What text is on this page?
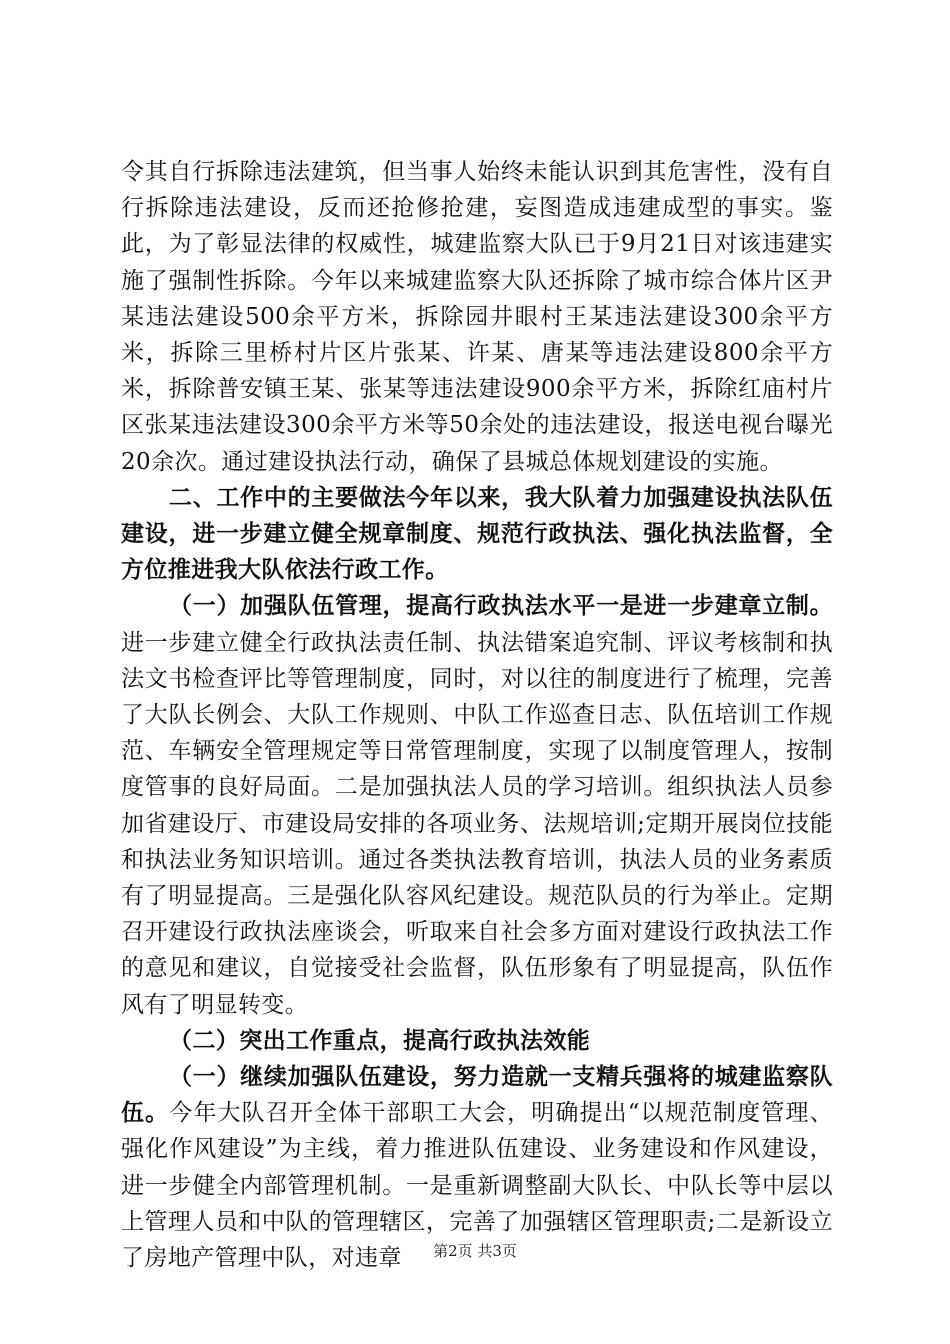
令其自行拆除违法建筑，但当事人始终未能认识到其危害性，没有自行拆除违法建设，反而还抢修抢建，妄图造成违建成型的事实。鉴此，为了彰显法律的权威性，城建监察大队已于9月21日对该违建实施了强制性拆除。今年以来城建监察大队还拆除了城市综合体片区尹某违法建设500余平方米，拆除园井眼村王某违法建设300余平方米，拆除三里桥村片区片张某、许某、唐某等违法建设800余平方米，拆除普安镇王某、张某等违法建设900余平方米，拆除红庙村片区张某违法建设300余平方米等50余处的违法建设，报送电视台曝光20余次。通过建设执法行动，确保了县城总体规划建设的实施。

二、工作中的主要做法今年以来，我大队着力加强建设执法队伍建设，进一步建立健全规章制度、规范行政执法、强化执法监督，全方位推进我大队依法行政工作。

（一）加强队伍管理，提高行政执法水平一是进一步建章立制。进一步建立健全行政执法责任制、执法错案追究制、评议考核制和执法文书检查评比等管理制度，同时，对以往的制度进行了梳理，完善了大队长例会、大队工作规则、中队工作巡查日志、队伍培训工作规范、车辆安全管理规定等日常管理制度，实现了以制度管理人，按制度管事的良好局面。二是加强执法人员的学习培训。组织执法人员参加省建设厅、市建设局安排的各项业务、法规培训;定期开展岗位技能和执法业务知识培训。通过各类执法教育培训，执法人员的业务素质有了明显提高。三是强化队容风纪建设。规范队员的行为举止。定期召开建设行政执法座谈会，听取来自社会多方面对建设行政执法工作的意见和建议，自觉接受社会监督，队伍形象有了明显提高，队伍作风有了明显转变。

（二）突出工作重点，提高行政执法效能

（一）继续加强队伍建设，努力造就一支精兵强将的城建监察队伍。今年大队召开全体干部职工大会，明确提出“以规范制度管理、强化作风建设”为主线，着力推进队伍建设、业务建设和作风建设，进一步健全内部管理机制。一是重新调整副大队长、中队长等中层以上管理人员和中队的管理辖区，完善了加强辖区管理职责;二是新设立了房地产管理中队，对违章	第2页 共3页
